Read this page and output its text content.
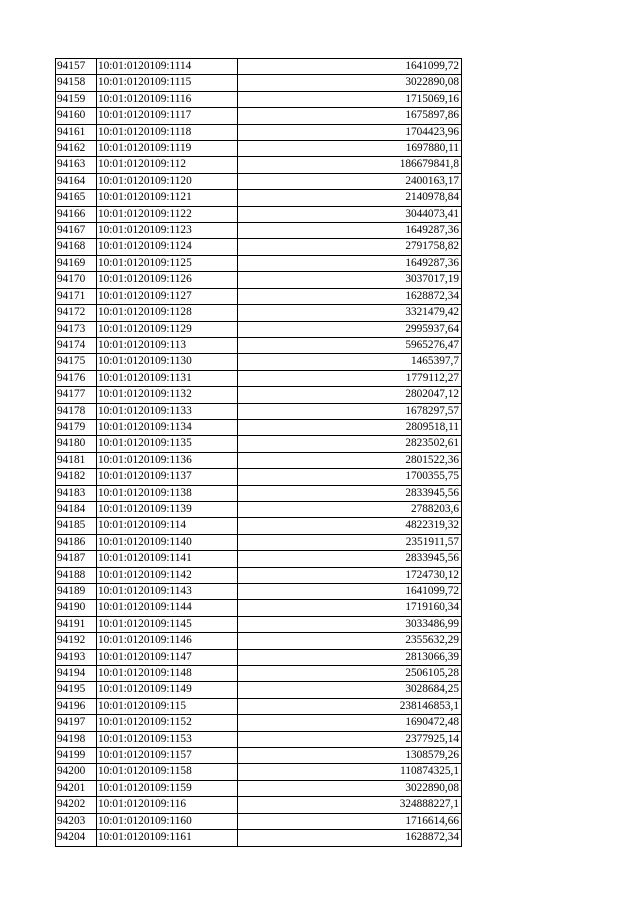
94157	10:01:0120109:1114	1641099,72
94158	10:01:0120109:1115	3022890,08
94159	10:01:0120109:1116	1715069,16
94160	10:01:0120109:1117	1675897,86
94161	10:01:0120109:1118	1704423,96
94162	10:01:0120109:1119	1697880,11
94163	10:01:0120109:112	186679841,8
94164	10:01:0120109:1120	2400163,17
94165	10:01:0120109:1121	2140978,84
94166	10:01:0120109:1122	3044073,41
94167	10:01:0120109:1123	1649287,36
94168	10:01:0120109:1124	2791758,82
94169	10:01:0120109:1125	1649287,36
94170	10:01:0120109:1126	3037017,19
94171	10:01:0120109:1127	1628872,34
94172	10:01:0120109:1128	3321479,42
94173	10:01:0120109:1129	2995937,64
94174	10:01:0120109:113	5965276,47
94175	10:01:0120109:1130	1465397,7
94176	10:01:0120109:1131	1779112,27
94177	10:01:0120109:1132	2802047,12
94178	10:01:0120109:1133	1678297,57
94179	10:01:0120109:1134	2809518,11
94180	10:01:0120109:1135	2823502,61
94181	10:01:0120109:1136	2801522,36
94182	10:01:0120109:1137	1700355,75
94183	10:01:0120109:1138	2833945,56
94184	10:01:0120109:1139	2788203,6
94185	10:01:0120109:114	4822319,32
94186	10:01:0120109:1140	2351911,57
94187	10:01:0120109:1141	2833945,56
94188	10:01:0120109:1142	1724730,12
94189	10:01:0120109:1143	1641099,72
94190	10:01:0120109:1144	1719160,34
94191	10:01:0120109:1145	3033486,99
94192	10:01:0120109:1146	2355632,29
94193	10:01:0120109:1147	2813066,39
94194	10:01:0120109:1148	2506105,28
94195	10:01:0120109:1149	3028684,25
94196	10:01:0120109:115	238146853,1
94197	10:01:0120109:1152	1690472,48
94198	10:01:0120109:1153	2377925,14
94199	10:01:0120109:1157	1308579,26
94200	10:01:0120109:1158	110874325,1
94201	10:01:0120109:1159	3022890,08
94202	10:01:0120109:116	324888227,1
94203	10:01:0120109:1160	1716614,66
94204	10:01:0120109:1161	1628872,34
